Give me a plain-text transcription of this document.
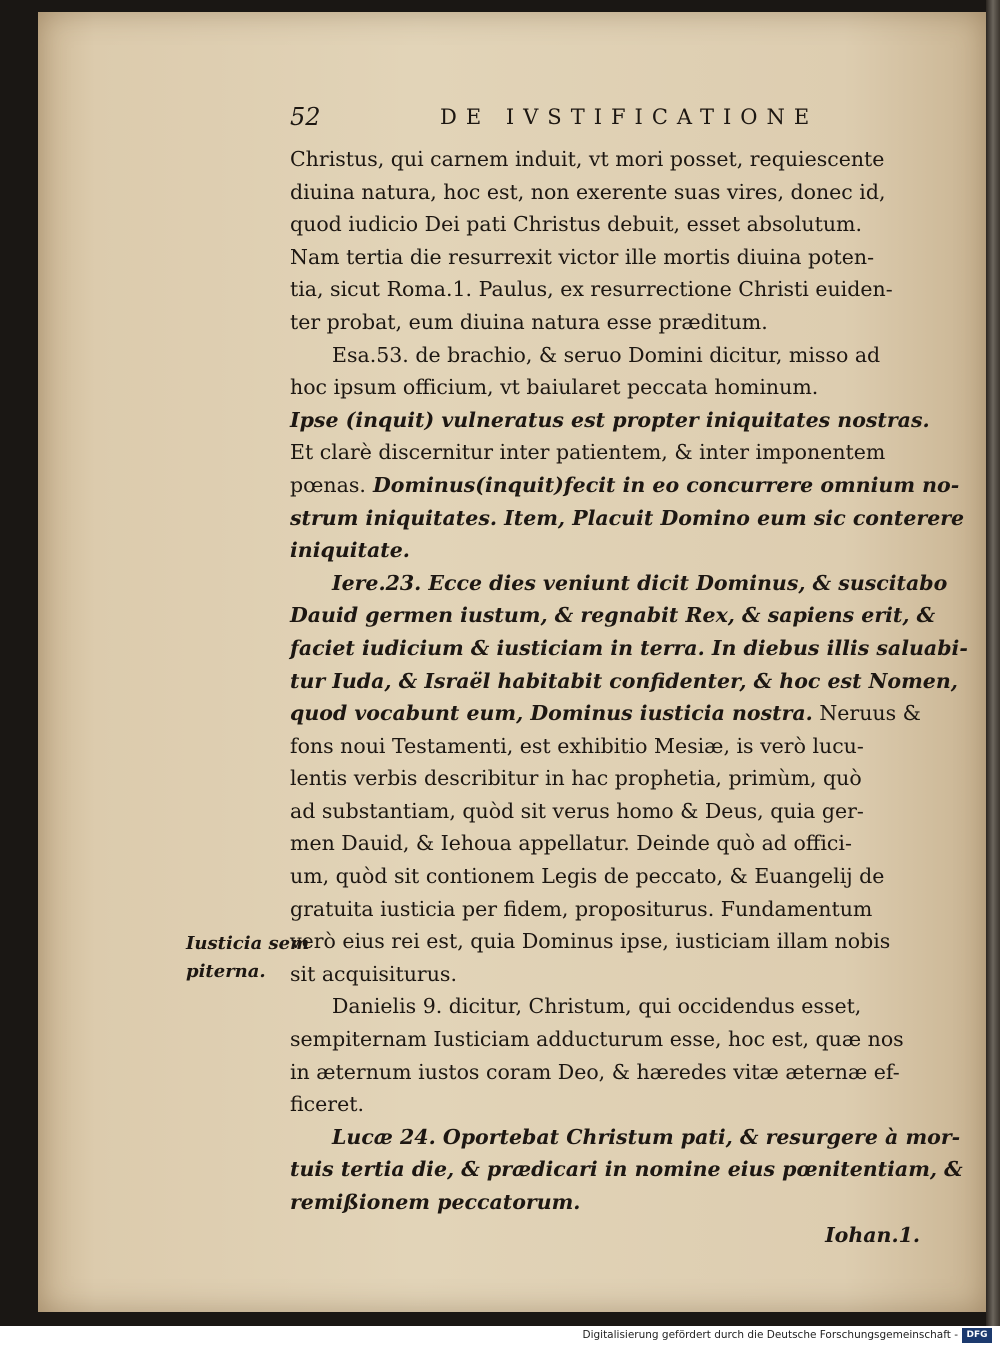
52	DE IVSTIFICATIONE
Iusticia sem
piterna.
Christus, qui carnem induit, vt mori posset, requiescente
diuina natura, hoc est, non exerente suas vires, donec id,
quod iudicio Dei pati Christus debuit, esset absolutum.
Nam tertia die resurrexit victor ille mortis diuina poten-
tia, sicut Roma.1. Paulus, ex resurrectione Christi euiden-
ter probat, eum diuina natura esse præditum.
Esa.53. de brachio, & seruo Domini dicitur, misso ad
hoc ipsum officium, vt baiularet peccata hominum.
Ipse (inquit) vulneratus est propter iniquitates nostras.
Et clarè discernitur inter patientem, & inter imponentem
pœnas. Dominus(inquit)fecit in eo concurrere omnium no-
strum iniquitates. Item, Placuit Domino eum sic conterere
iniquitate.
Iere.23. Ecce dies veniunt dicit Dominus, & suscitabo
Dauid germen iustum, & regnabit Rex, & sapiens erit, &
faciet iudicium & iusticiam in terra. In diebus illis saluabi-
tur Iuda, & Israël habitabit confidenter, & hoc est Nomen,
quod vocabunt eum, Dominus iusticia nostra. Neruus &
fons noui Testamenti, est exhibitio Mesiæ, is verò lucu-
lentis verbis describitur in hac prophetia, primùm, quò
ad substantiam, quòd sit verus homo & Deus, quia ger-
men Dauid, & Iehoua appellatur. Deinde quò ad offici-
um, quòd sit contionem Legis de peccato, & Euangelij de
gratuita iusticia per fidem, propositurus. Fundamentum
verò eius rei est, quia Dominus ipse, iusticiam illam nobis
sit acquisiturus.
Danielis 9. dicitur, Christum, qui occidendus esset,
sempiternam Iusticiam adducturum esse, hoc est, quæ nos
in æternum iustos coram Deo, & hæredes vitæ æternæ ef-
ficeret.
Lucæ 24. Oportebat Christum pati, & resurgere à mor-
tuis tertia die, & prædicari in nomine eius pœnitentiam, &
remißionem peccatorum.
Iohan.1.
Digitalisierung gefördert durch die Deutsche Forschungsgemeinschaft - DFG
